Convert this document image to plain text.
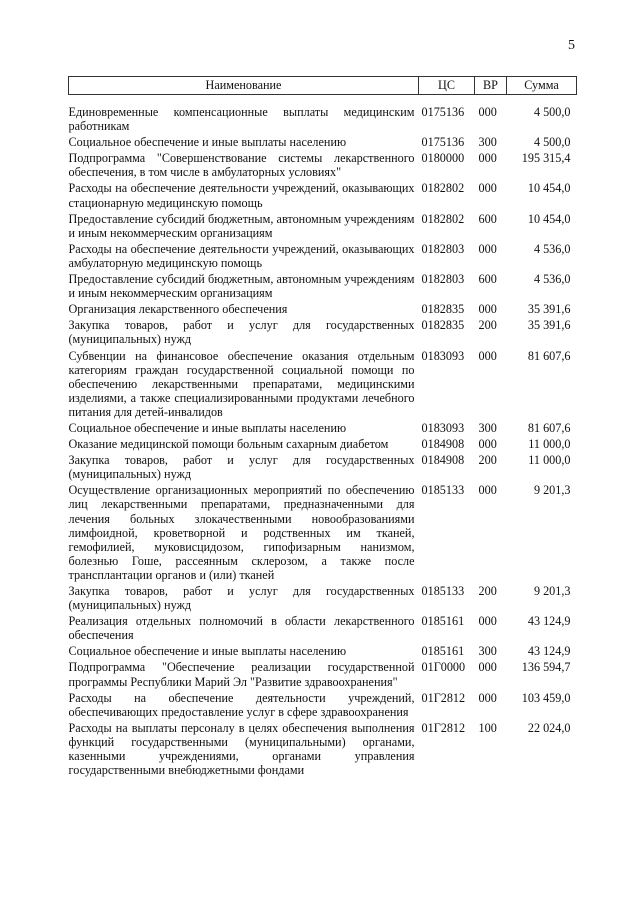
5
Наименование	ЦС	ВР	Сумма
Единовременные компенсационные выплаты медицинским работникам	0175136	000	4 500,0
Социальное обеспечение и иные выплаты населению	0175136	300	4 500,0
Подпрограмма "Совершенствование системы лекарственного обеспечения, в том числе в амбулаторных условиях"	0180000	000	195 315,4
Расходы на обеспечение деятельности учреждений, оказывающих стационарную медицинскую помощь	0182802	000	10 454,0
Предоставление субсидий бюджетным, автономным учреждениям и иным некоммерческим организациям	0182802	600	10 454,0
Расходы на обеспечение деятельности учреждений, оказывающих амбулаторную медицинскую помощь	0182803	000	4 536,0
Предоставление субсидий бюджетным, автономным учреждениям и иным некоммерческим организациям	0182803	600	4 536,0
Организация лекарственного обеспечения	0182835	000	35 391,6
Закупка товаров, работ и услуг для государственных (муниципальных) нужд	0182835	200	35 391,6
Субвенции на финансовое обеспечение оказания отдельным категориям граждан государственной социальной помощи по обеспечению лекарственными препаратами, медицинскими изделиями, а также специализированными продуктами лечебного питания для детей-инвалидов	0183093	000	81 607,6
Социальное обеспечение и иные выплаты населению	0183093	300	81 607,6
Оказание медицинской помощи больным сахарным диабетом	0184908	000	11 000,0
Закупка товаров, работ и услуг для государственных (муниципальных) нужд	0184908	200	11 000,0
Осуществление организационных мероприятий по обеспечению лиц лекарственными препаратами, предназначенными для лечения больных злокачественными новообразованиями лимфоидной, кроветворной и родственных им тканей, гемофилией, муковисцидозом, гипофизарным нанизмом, болезнью Гоше, рассеянным склерозом, а также после трансплантации органов и (или) тканей	0185133	000	9 201,3
Закупка товаров, работ и услуг для государственных (муниципальных) нужд	0185133	200	9 201,3
Реализация отдельных полномочий в области лекарственного обеспечения	0185161	000	43 124,9
Социальное обеспечение и иные выплаты населению	0185161	300	43 124,9
Подпрограмма "Обеспечение реализации государственной программы Республики Марий Эл "Развитие здравоохранения"	01Г0000	000	136 594,7
Расходы на обеспечение деятельности учреждений, обеспечивающих предоставление услуг в сфере здравоохранения	01Г2812	000	103 459,0
Расходы на выплаты персоналу в целях обеспечения выполнения функций государственными (муниципальными) органами, казенными учреждениями, органами управления государственными внебюджетными фондами	01Г2812	100	22 024,0
